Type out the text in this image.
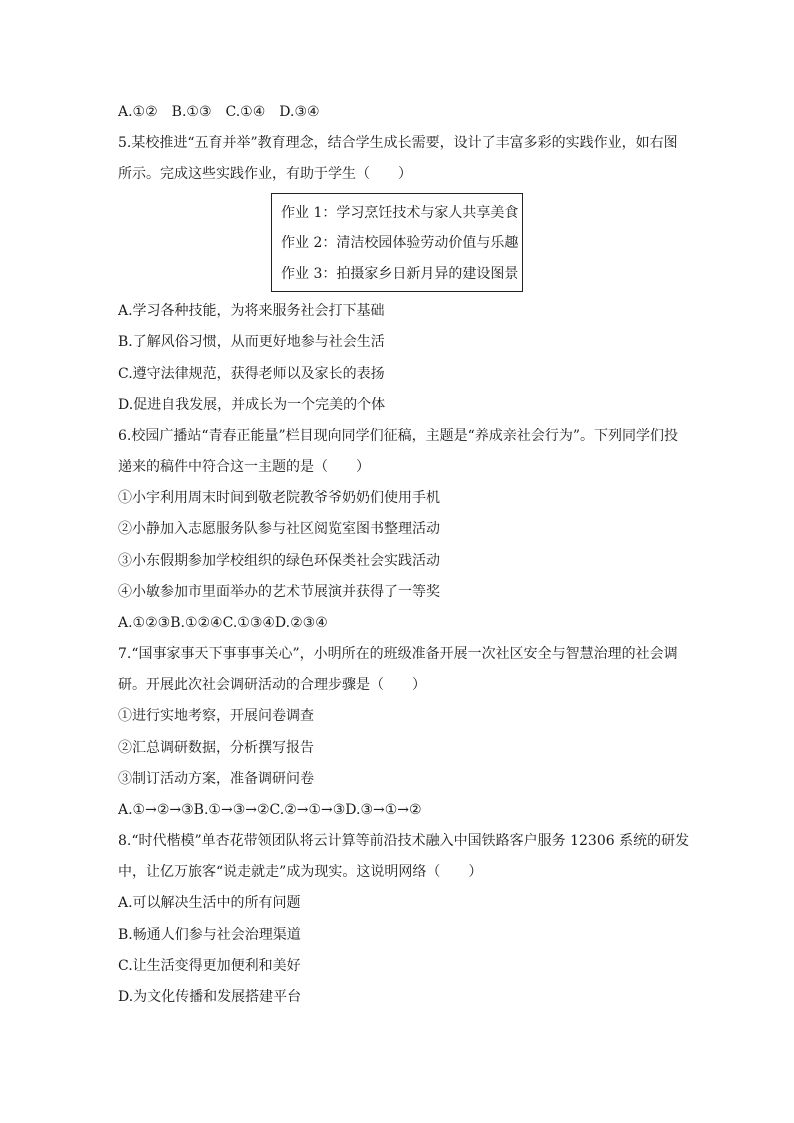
A.①②　B.①③　C.①④　D.③④

5.某校推进“五育并举”教育理念，结合学生成长需要，设计了丰富多彩的实践作业，如右图

所示。完成这些实践作业，有助于学生（　　）

作业 1：学习烹饪技术与家人共享美食

作业 2：清洁校园体验劳动价值与乐趣

作业 3：拍摄家乡日新月异的建设图景

A.学习各种技能，为将来服务社会打下基础

B.了解风俗习惯，从而更好地参与社会生活

C.遵守法律规范，获得老师以及家长的表扬

D.促进自我发展，并成长为一个完美的个体

6.校园广播站“青春正能量”栏目现向同学们征稿，主题是“养成亲社会行为”。下列同学们投

递来的稿件中符合这一主题的是（　　）

①小宇利用周末时间到敬老院教爷爷奶奶们使用手机

②小静加入志愿服务队参与社区阅览室图书整理活动

③小东假期参加学校组织的绿色环保类社会实践活动

④小敏参加市里面举办的艺术节展演并获得了一等奖

A.①②③B.①②④C.①③④D.②③④

7.“国事家事天下事事事关心”，小明所在的班级准备开展一次社区安全与智慧治理的社会调

研。开展此次社会调研活动的合理步骤是（　　）

①进行实地考察，开展问卷调查

②汇总调研数据，分析撰写报告

③制订活动方案，准备调研问卷

A.①→②→③B.①→③→②C.②→①→③D.③→①→②

8.“时代楷模”单杏花带领团队将云计算等前沿技术融入中国铁路客户服务 12306 系统的研发

中，让亿万旅客“说走就走”成为现实。这说明网络（　　）

A.可以解决生活中的所有问题

B.畅通人们参与社会治理渠道

C.让生活变得更加便利和美好

D.为文化传播和发展搭建平台
